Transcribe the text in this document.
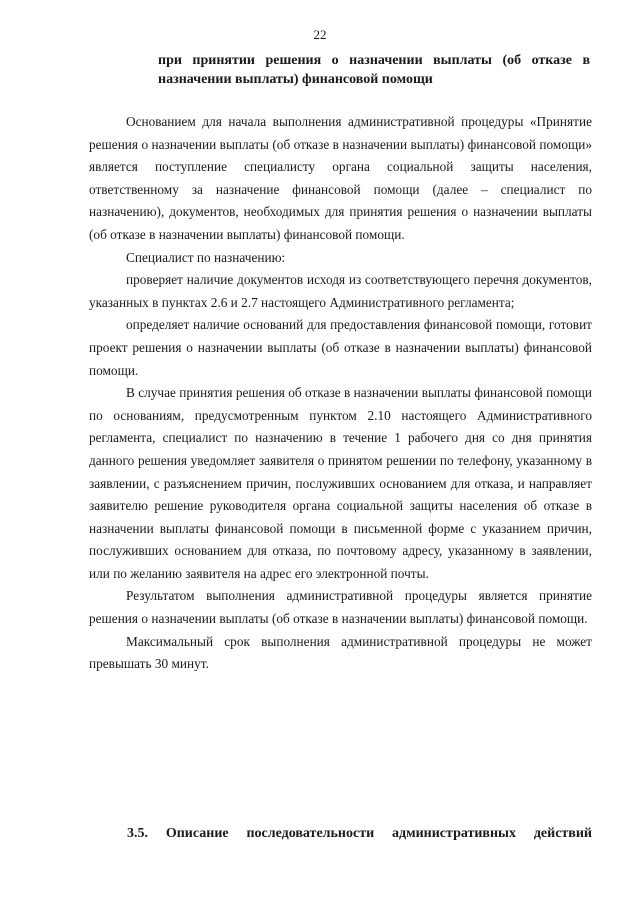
22
при принятии решения о назначении выплаты (об отказе в назначении выплаты) финансовой помощи

Основанием для начала выполнения административной процедуры «Принятие решения о назначении выплаты (об отказе в назначении выплаты) финансовой помощи» является поступление специалисту органа социальной защиты населения, ответственному за назначение финансовой помощи (далее – специалист по назначению), документов, необходимых для принятия решения о назначении выплаты (об отказе в назначении выплаты) финансовой помощи.

Специалист по назначению:

проверяет наличие документов исходя из соответствующего перечня документов, указанных в пунктах 2.6 и 2.7 настоящего Административного регламента;

определяет наличие оснований для предоставления финансовой помощи, готовит проект решения о назначении выплаты (об отказе в назначении выплаты) финансовой помощи.

В случае принятия решения об отказе в назначении выплаты финансовой помощи по основаниям, предусмотренным пунктом 2.10 настоящего Административного регламента, специалист по назначению в течение 1 рабочего дня со дня принятия данного решения уведомляет заявителя о принятом решении по телефону, указанному в заявлении, с разъяснением причин, послуживших основанием для отказа, и направляет заявителю решение руководителя органа социальной защиты населения об отказе в назначении выплаты финансовой помощи в письменной форме с указанием причин, послуживших основанием для отказа, по почтовому адресу, указанному в заявлении, или по желанию заявителя на адрес его электронной почты.

Результатом выполнения административной процедуры является принятие решения о назначении выплаты (об отказе в назначении выплаты) финансовой помощи.

Максимальный срок выполнения административной процедуры не может превышать 30 минут.

3.5. Описание последовательности административных действий
